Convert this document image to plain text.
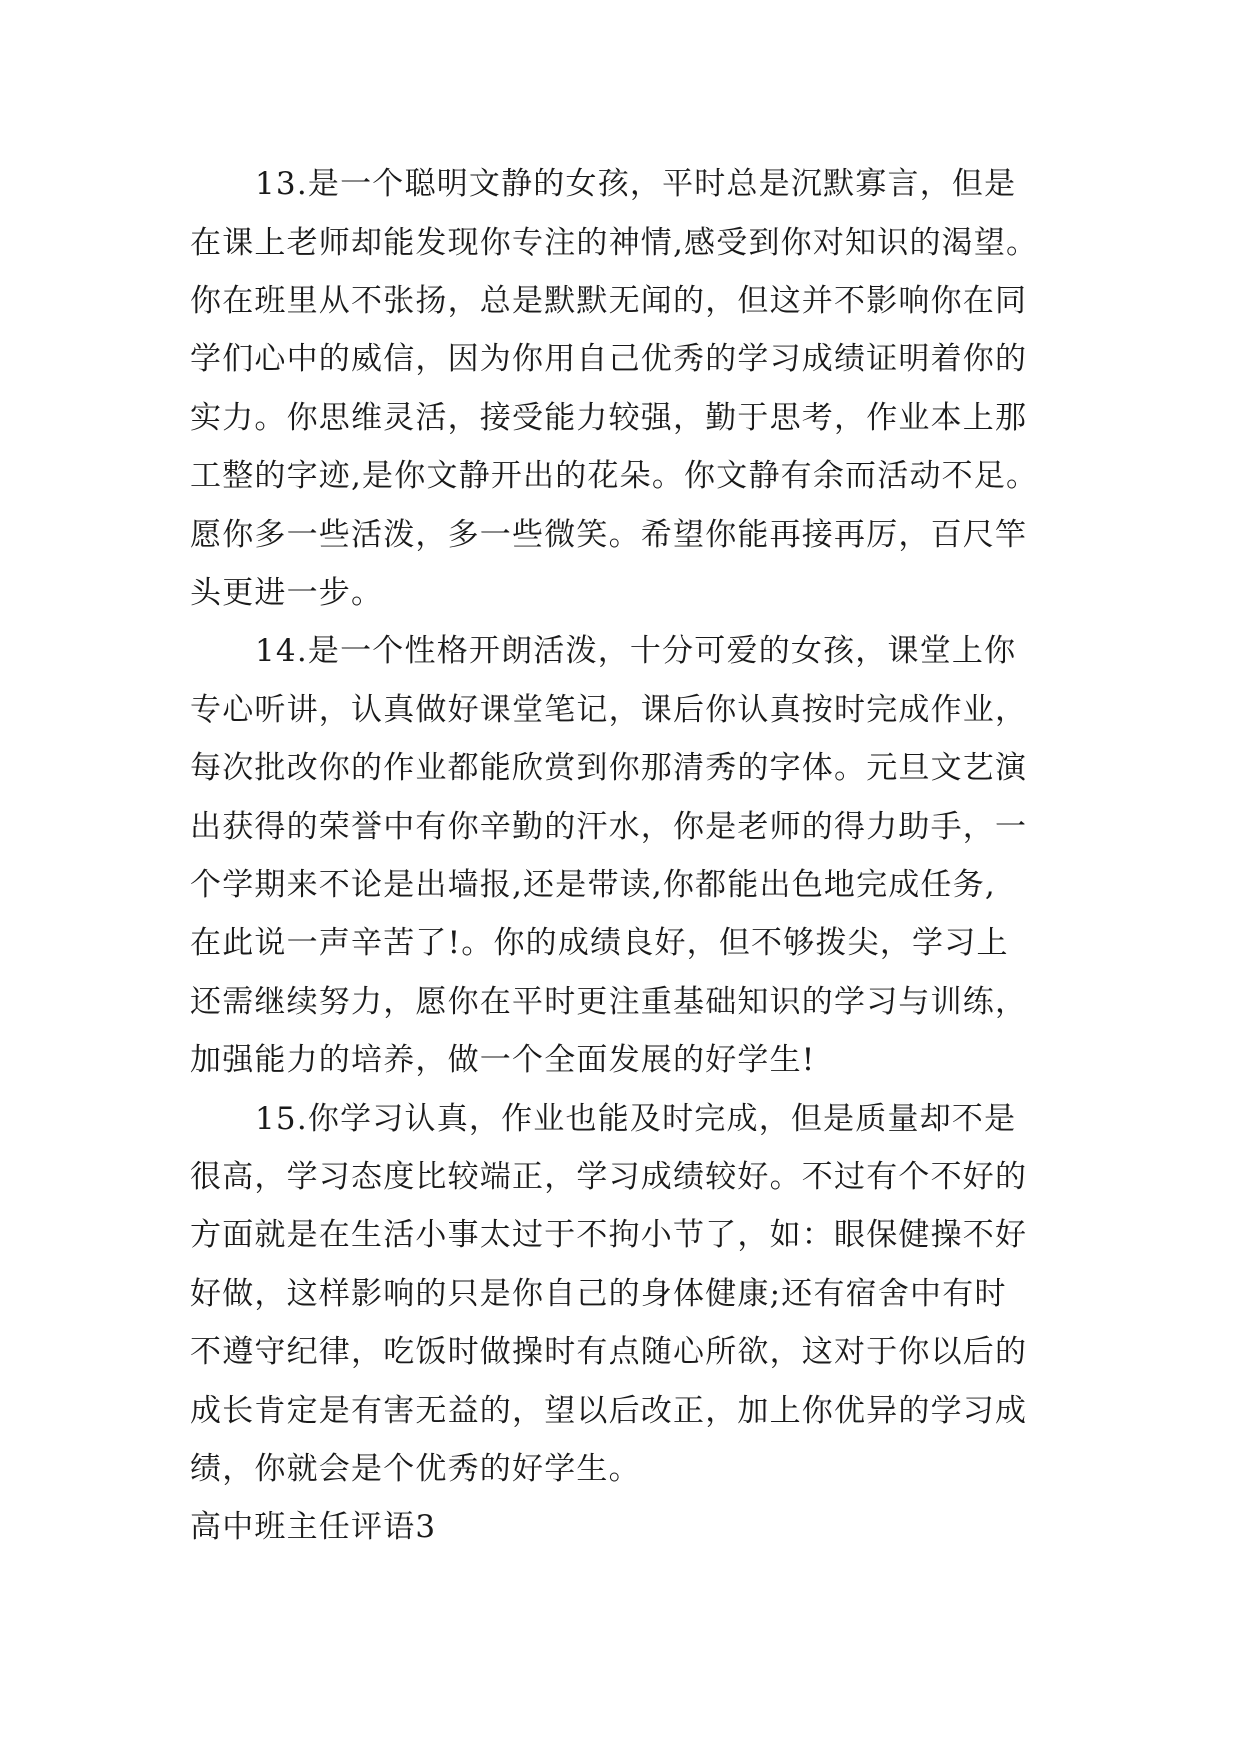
13.是一个聪明文静的女孩，平时总是沉默寡言，但是
在课上老师却能发现你专注的神情,感受到你对知识的渴望。
你在班里从不张扬，总是默默无闻的，但这并不影响你在同
学们心中的威信，因为你用自己优秀的学习成绩证明着你的
实力。你思维灵活，接受能力较强，勤于思考，作业本上那
工整的字迹,是你文静开出的花朵。你文静有余而活动不足。
愿你多一些活泼，多一些微笑。希望你能再接再厉，百尺竿
头更进一步。
14.是一个性格开朗活泼，十分可爱的女孩，课堂上你
专心听讲，认真做好课堂笔记，课后你认真按时完成作业，
每次批改你的作业都能欣赏到你那清秀的字体。元旦文艺演
出获得的荣誉中有你辛勤的汗水，你是老师的得力助手，一
个学期来不论是出墙报,还是带读,你都能出色地完成任务,
在此说一声辛苦了!。你的成绩良好，但不够拨尖，学习上
还需继续努力，愿你在平时更注重基础知识的学习与训练，
加强能力的培养，做一个全面发展的好学生!
15.你学习认真，作业也能及时完成，但是质量却不是
很高，学习态度比较端正，学习成绩较好。不过有个不好的
方面就是在生活小事太过于不拘小节了，如：眼保健操不好
好做，这样影响的只是你自己的身体健康;还有宿舍中有时
不遵守纪律，吃饭时做操时有点随心所欲，这对于你以后的
成长肯定是有害无益的，望以后改正，加上你优异的学习成
绩，你就会是个优秀的好学生。
高中班主任评语3
